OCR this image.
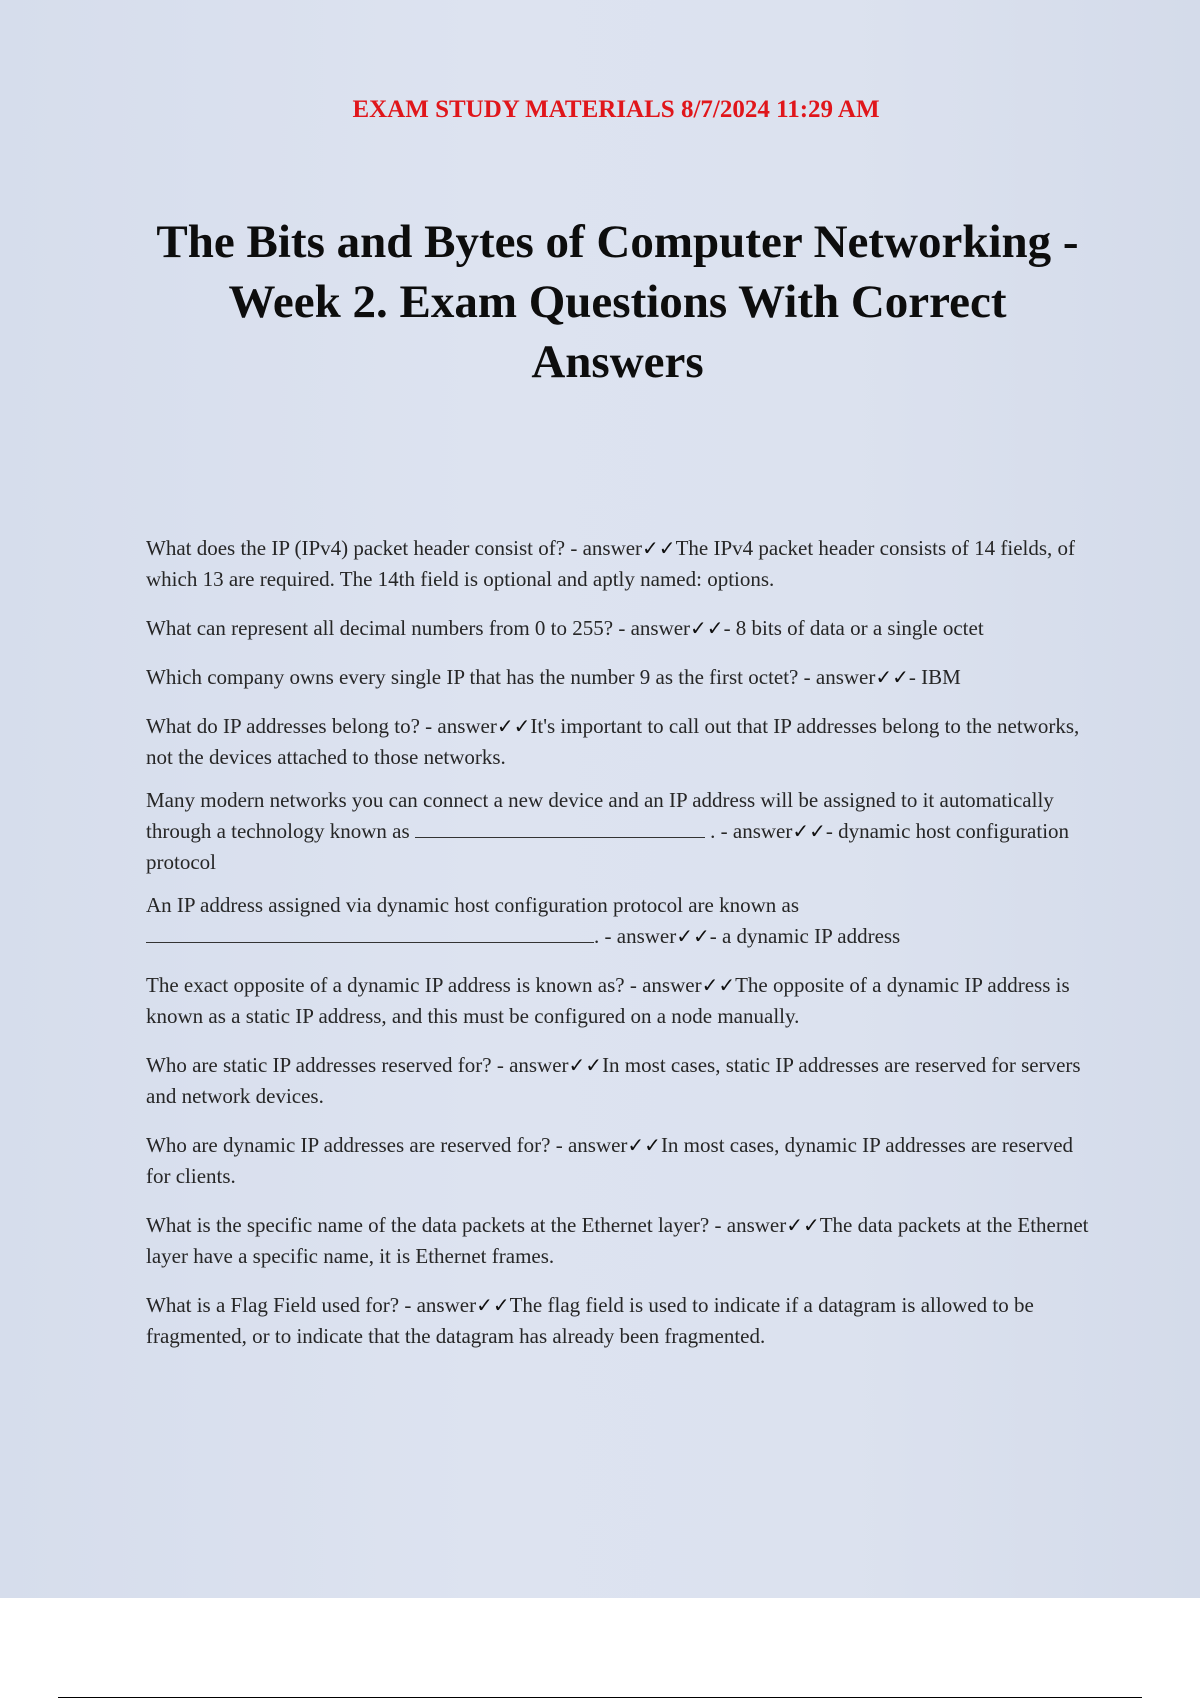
EXAM STUDY MATERIALS 8/7/2024 11:29 AM
The Bits and Bytes of Computer Networking - Week 2. Exam Questions With Correct Answers
What does the IP (IPv4) packet header consist of? - answer✓✓The IPv4 packet header consists of 14 fields, of which 13 are required. The 14th field is optional and aptly named: options.
What can represent all decimal numbers from 0 to 255? - answer✓✓- 8 bits of data or a single octet
Which company owns every single IP that has the number 9 as the first octet? - answer✓✓- IBM
What do IP addresses belong to? - answer✓✓It's important to call out that IP addresses belong to the networks, not the devices attached to those networks.
Many modern networks you can connect a new device and an IP address will be assigned to it automatically through a technology known as	. - answer✓✓- dynamic host configuration protocol
An IP address assigned via dynamic host configuration protocol are known as . - answer✓✓- a dynamic IP address
The exact opposite of a dynamic IP address is known as? - answer✓✓The opposite of a dynamic IP address is known as a static IP address, and this must be configured on a node manually.
Who are static IP addresses reserved for? - answer✓✓In most cases, static IP addresses are reserved for servers and network devices.
Who are dynamic IP addresses are reserved for? - answer✓✓In most cases, dynamic IP addresses are reserved for clients.
What is the specific name of the data packets at the Ethernet layer? - answer✓✓The data packets at the Ethernet layer have a specific name, it is Ethernet frames.
What is a Flag Field used for? - answer✓✓The flag field is used to indicate if a datagram is allowed to be fragmented, or to indicate that the datagram has already been fragmented.
